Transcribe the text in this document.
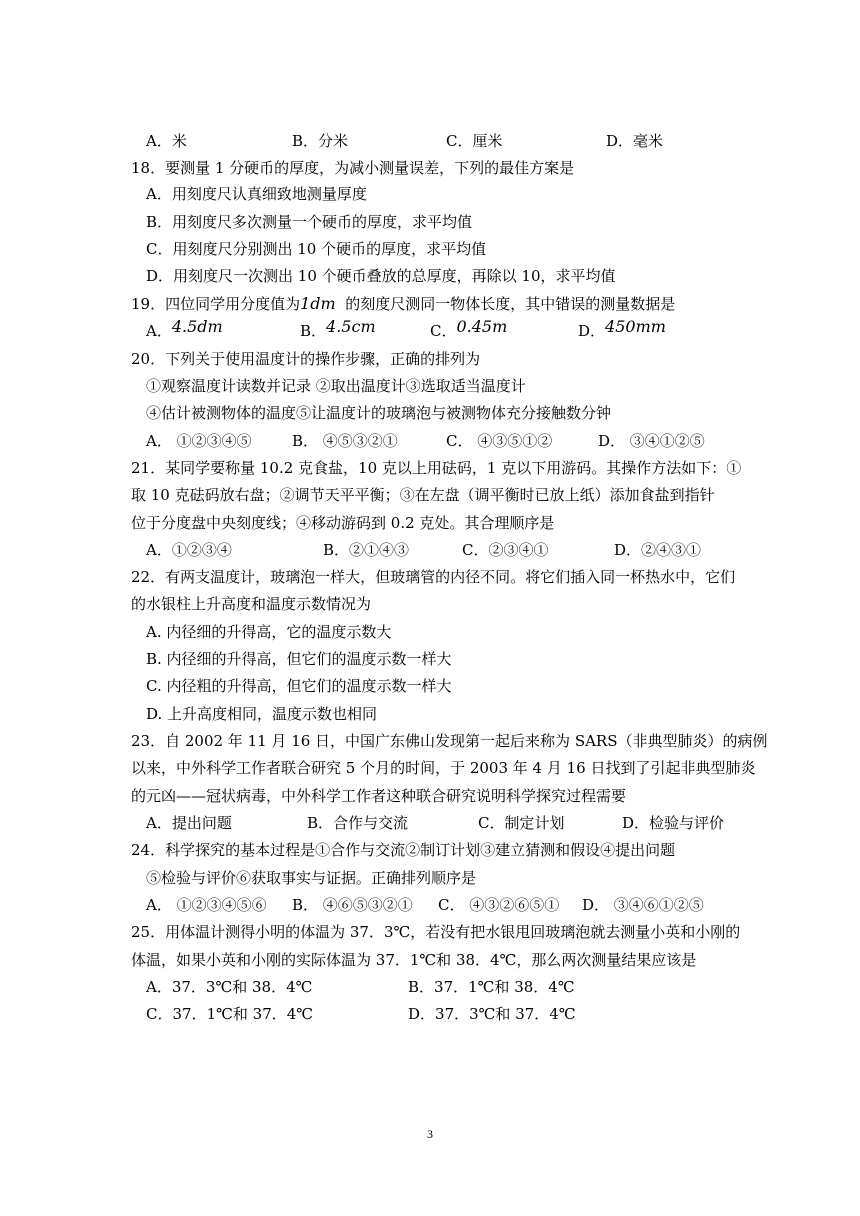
A．米	B．分米	C．厘米	D．毫米
18．要测量 1 分硬币的厚度，为减小测量误差，下列的最佳方案是
A．用刻度尺认真细致地测量厚度
B．用刻度尺多次测量一个硬币的厚度，求平均值
C．用刻度尺分别测出 10 个硬币的厚度，求平均值
D．用刻度尺一次测出 10 个硬币叠放的总厚度，再除以 10，求平均值
19．四位同学用分度值为1dm 的刻度尺测同一物体长度，其中错误的测量数据是
A．4.5dm	B．4.5cm	C．0.45m	D．450mm
20．下列关于使用温度计的操作步骤，正确的排列为
①观察温度计读数并记录 ②取出温度计③选取适当温度计
④估计被测物体的温度⑤让温度计的玻璃泡与被测物体充分接触数分钟
A． ①②③④⑤	B． ④⑤③②①	C． ④③⑤①②	D． ③④①②⑤
21．某同学要称量 10.2 克食盐，10 克以上用砝码，1 克以下用游码。其操作方法如下：①
取 10 克砝码放右盘；②调节天平平衡；③在左盘（调平衡时已放上纸）添加食盐到指针
位于分度盘中央刻度线；④移动游码到 0.2 克处。其合理顺序是
A．①②③④	B．②①④③	C．②③④①	D．②④③①
22．有两支温度计，玻璃泡一样大，但玻璃管的内径不同。将它们插入同一杯热水中，它们
的水银柱上升高度和温度示数情况为
A. 内径细的升得高，它的温度示数大
B. 内径细的升得高，但它们的温度示数一样大
C. 内径粗的升得高，但它们的温度示数一样大
D. 上升高度相同，温度示数也相同
23．自 2002 年 11 月 16 日，中国广东佛山发现第一起后来称为 SARS（非典型肺炎）的病例
以来，中外科学工作者联合研究 5 个月的时间，于 2003 年 4 月 16 日找到了引起非典型肺炎
的元凶——冠状病毒，中外科学工作者这种联合研究说明科学探究过程需要
A．提出问题	B．合作与交流	C．制定计划	D．检验与评价
24．科学探究的基本过程是①合作与交流②制订计划③建立猜测和假设④提出问题
⑤检验与评价⑥获取事实与证据。正确排列顺序是
A． ①②③④⑤⑥ B． ④⑥⑤③②① C． ④③②⑥⑤① D． ③④⑥①②⑤
25．用体温计测得小明的体温为 37．3℃，若没有把水银甩回玻璃泡就去测量小英和小刚的
体温，如果小英和小刚的实际体温为 37．1℃和 38．4℃，那么两次测量结果应该是
A．37．3℃和 38．4℃	B．37．1℃和 38．4℃
C．37．1℃和 37．4℃	D．37．3℃和 37．4℃
3
